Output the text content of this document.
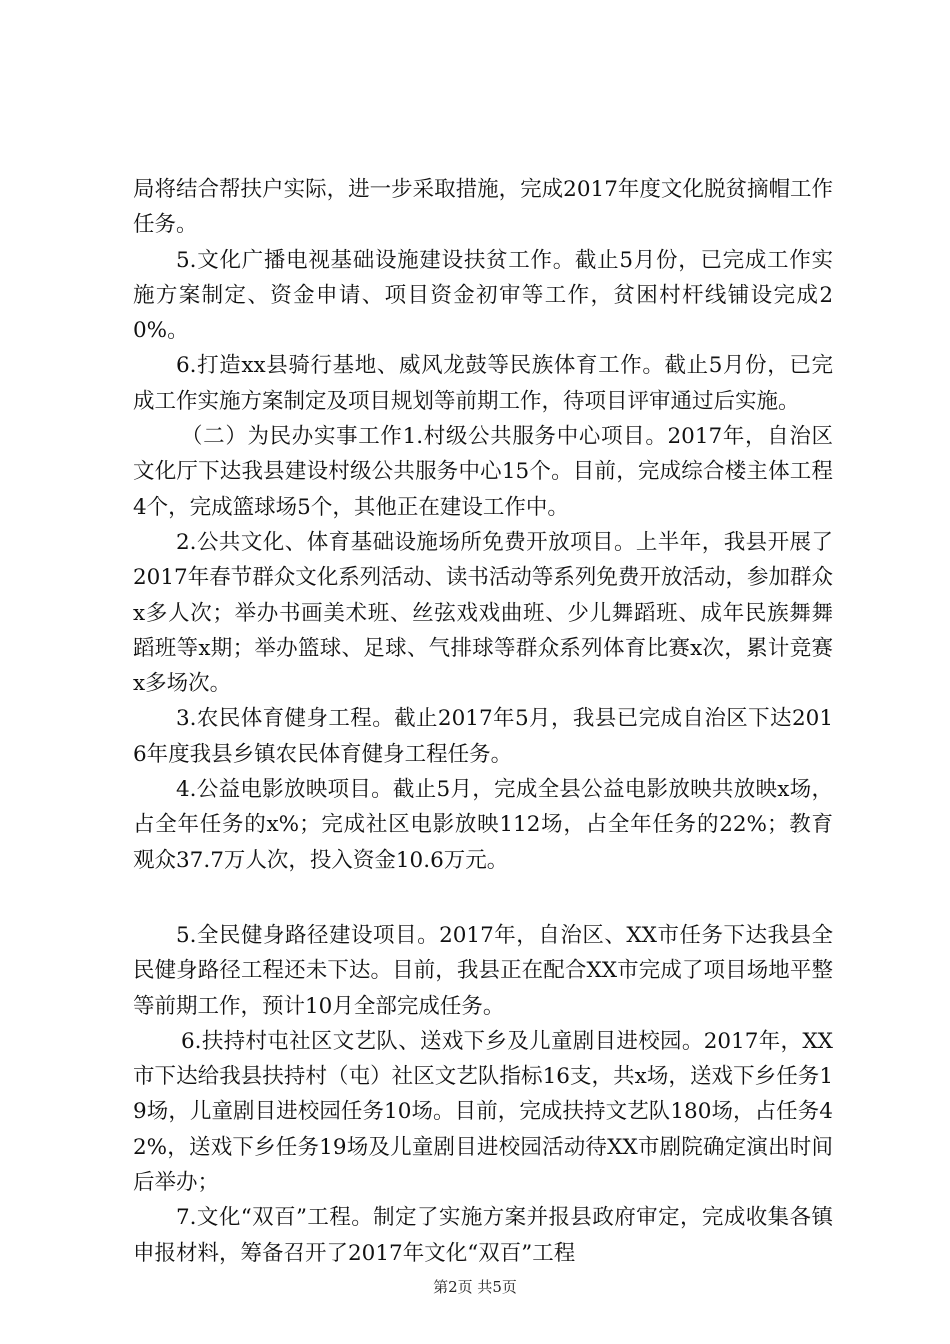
局将结合帮扶户实际，进一步采取措施，完成2017年度文化脱贫摘帽工作任务。

5.文化广播电视基础设施建设扶贫工作。截止5月份，已完成工作实施方案制定、资金申请、项目资金初审等工作，贫困村杆线铺设完成20%。

6.打造xx县骑行基地、威风龙鼓等民族体育工作。截止5月份，已完成工作实施方案制定及项目规划等前期工作，待项目评审通过后实施。

（二）为民办实事工作1.村级公共服务中心项目。2017年，自治区文化厅下达我县建设村级公共服务中心15个。目前，完成综合楼主体工程4个，完成篮球场5个，其他正在建设工作中。

2.公共文化、体育基础设施场所免费开放项目。上半年，我县开展了2017年春节群众文化系列活动、读书活动等系列免费开放活动，参加群众x多人次；举办书画美术班、丝弦戏戏曲班、少儿舞蹈班、成年民族舞舞蹈班等x期；举办篮球、足球、气排球等群众系列体育比赛x次，累计竞赛x多场次。

3.农民体育健身工程。截止2017年5月，我县已完成自治区下达2016年度我县乡镇农民体育健身工程任务。

4.公益电影放映项目。截止5月，完成全县公益电影放映共放映x场，占全年任务的x%；完成社区电影放映112场，占全年任务的22%；教育观众37.7万人次，投入资金10.6万元。

5.全民健身路径建设项目。2017年，自治区、XX市任务下达我县全民健身路径工程还未下达。目前，我县正在配合XX市完成了项目场地平整等前期工作，预计10月全部完成任务。

6.扶持村屯社区文艺队、送戏下乡及儿童剧目进校园。2017年，XX市下达给我县扶持村（屯）社区文艺队指标16支，共x场，送戏下乡任务19场，儿童剧目进校园任务10场。目前，完成扶持文艺队180场，占任务42%，送戏下乡任务19场及儿童剧目进校园活动待XX市剧院确定演出时间后举办；

7.文化“双百”工程。制定了实施方案并报县政府审定，完成收集各镇申报材料，筹备召开了2017年文化“双百”工程

第2页 共5页
